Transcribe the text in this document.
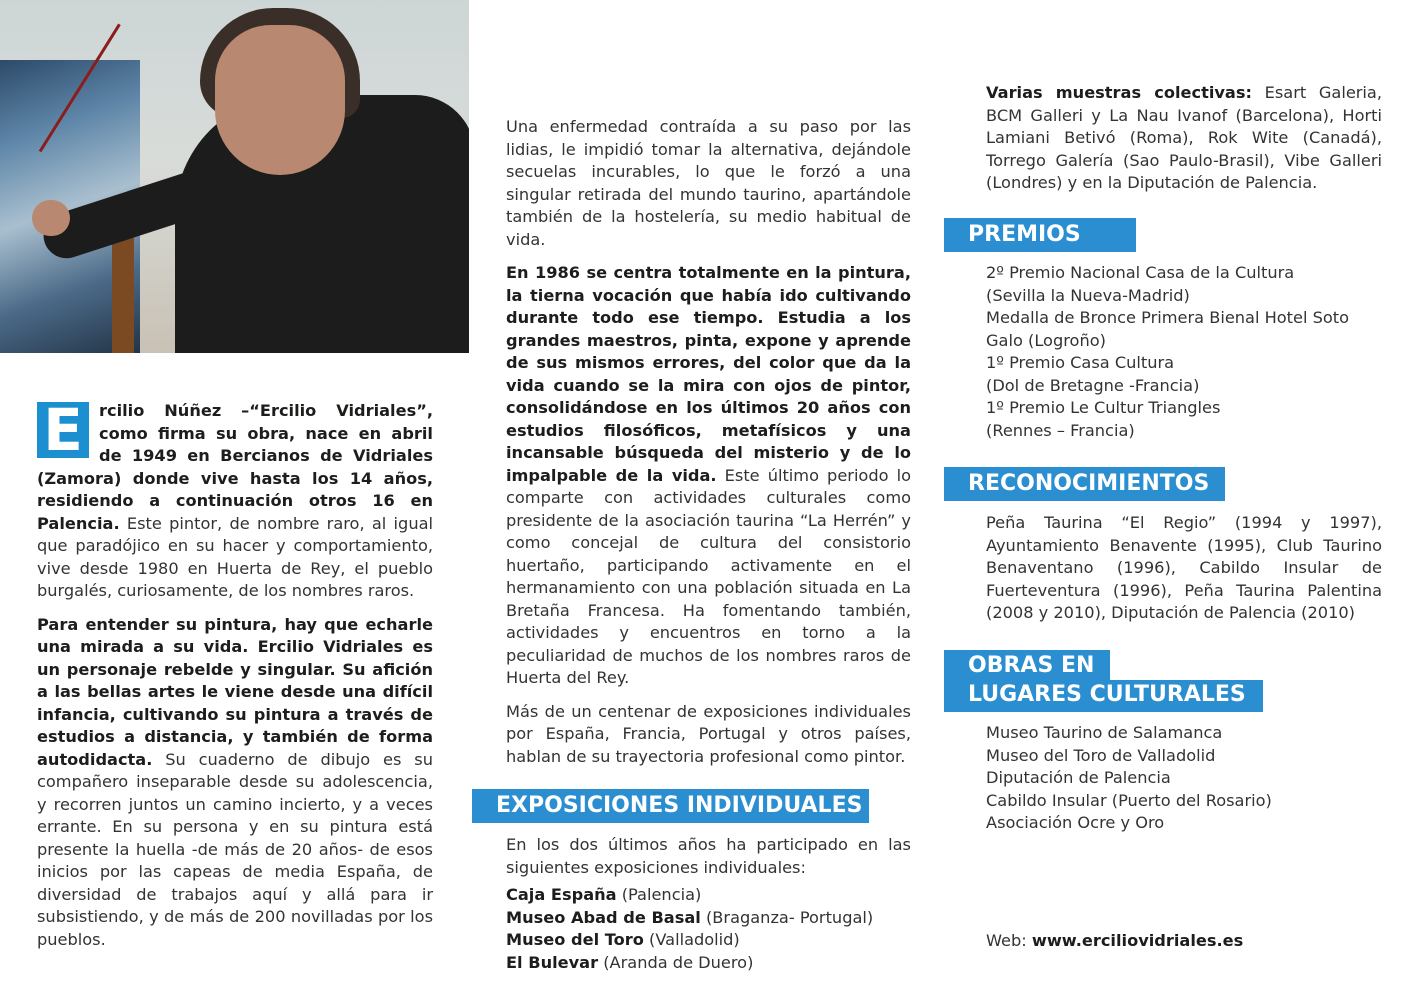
E rcilio Núñez –“Ercilio Vidriales”, como firma su obra, nace en abril de 1949 en Bercianos de Vidriales (Zamora) donde vive hasta los 14 años, residiendo a continuación otros 16 en Palencia. Este pintor, de nombre raro, al igual que paradójico en su hacer y comportamiento, vive desde 1980 en Huerta de Rey, el pueblo burgalés, curiosamente, de los nombres raros.

Para entender su pintura, hay que echarle una mirada a su vida. Ercilio Vidriales es un personaje rebelde y singular. Su afición a las bellas artes le viene desde una difícil infancia, cultivando su pintura a través de estudios a distancia, y también de forma autodidacta. Su cuaderno de dibujo es su compañero inseparable desde su adolescencia, y recorren juntos un camino incierto, y a veces errante. En su persona y en su pintura está presente la huella -de más de 20 años- de esos inicios por las capeas de media España, de diversidad de trabajos aquí y allá para ir subsistiendo, y de más de 200 novilladas por los pueblos.

Una enfermedad contraída a su paso por las lidias, le impidió tomar la alternativa, dejándole secuelas incurables, lo que le forzó a una singular retirada del mundo taurino, apartándole también de la hostelería, su medio habitual de vida.

En 1986 se centra totalmente en la pintura, la tierna vocación que había ido cultivando durante todo ese tiempo. Estudia a los grandes maestros, pinta, expone y aprende de sus mismos errores, del color que da la vida cuando se la mira con ojos de pintor, consolidándose en los últimos 20 años con estudios filosóficos, metafísicos y una incansable búsqueda del misterio y de lo impalpable de la vida. Este último periodo lo comparte con actividades culturales como presidente de la asociación taurina “La Herrén” y como concejal de cultura del consistorio huertaño, participando activamente en el hermanamiento con una población situada en La Bretaña Francesa. Ha fomentando también, actividades y encuentros en torno a la peculiaridad de muchos de los nombres raros de Huerta del Rey.

Más de un centenar de exposiciones individuales por España, Francia, Portugal y otros países, hablan de su trayectoria profesional como pintor.

EXPOSICIONES INDIVIDUALES
En los dos últimos años ha participado en las siguientes exposiciones individuales:
Caja España (Palencia)
Museo Abad de Basal (Braganza- Portugal)
Museo del Toro (Valladolid)
El Bulevar (Aranda de Duero)

Varias muestras colectivas: Esart Galeria, BCM Galleri y La Nau Ivanof (Barcelona), Horti Lamiani Betivó (Roma), Rok Wite (Canadá), Torrego Galería (Sao Paulo-Brasil), Vibe Galleri (Londres) y en la Diputación de Palencia.

PREMIOS
2º Premio Nacional Casa de la Cultura
(Sevilla la Nueva-Madrid)
Medalla de Bronce Primera Bienal Hotel Soto
Galo (Logroño)
1º Premio Casa Cultura
(Dol de Bretagne -Francia)
1º Premio Le Cultur Triangles
(Rennes – Francia)
RECONOCIMIENTOS
Peña Taurina “El Regio” (1994 y 1997), Ayuntamiento Benavente (1995), Club Taurino Benaventano (1996), Cabildo Insular de Fuerteventura (1996), Peña Taurina Palentina (2008 y 2010), Diputación de Palencia (2010)
OBRAS EN
LUGARES CULTURALES
Museo Taurino de Salamanca
Museo del Toro de Valladolid
Diputación de Palencia
Cabildo Insular (Puerto del Rosario)
Asociación Ocre y Oro
Web: www.erciliovidriales.es
